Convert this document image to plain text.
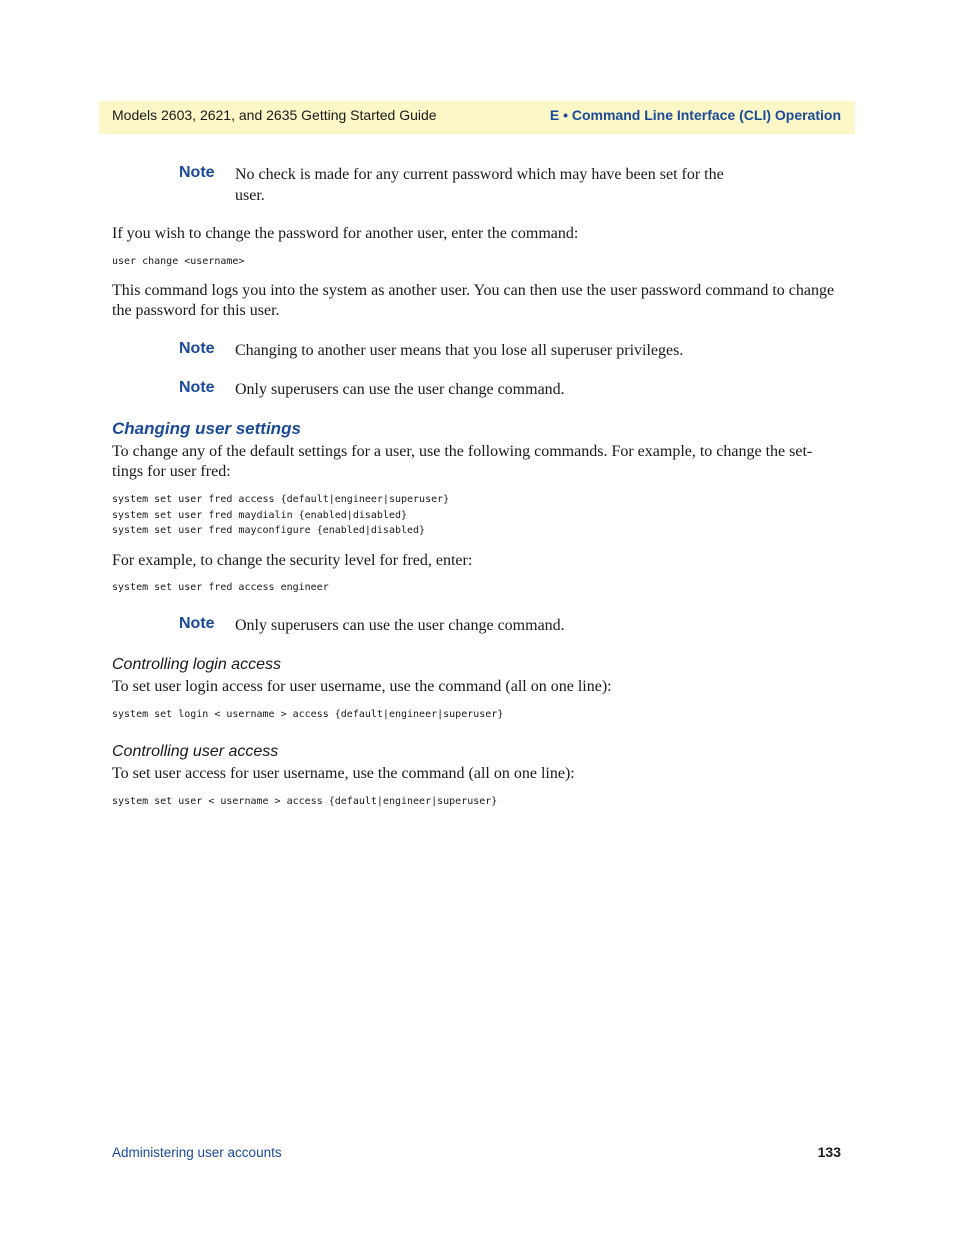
Models 2603, 2621, and 2635 Getting Started Guide	E • Command Line Interface (CLI) Operation
Note No check is made for any current password which may have been set for the user.
If you wish to change the password for another user, enter the command:
user change <username>
This command logs you into the system as another user. You can then use the user password command to change the password for this user.
Note Changing to another user means that you lose all superuser privileges.
Note Only superusers can use the user change command.
Changing user settings
To change any of the default settings for a user, use the following commands. For example, to change the set-tings for user fred:
system set user fred access {default|engineer|superuser}
system set user fred maydialin {enabled|disabled}
system set user fred mayconfigure {enabled|disabled}
For example, to change the security level for fred, enter:
system set user fred access engineer
Note Only superusers can use the user change command.
Controlling login access
To set user login access for user username, use the command (all on one line):
system set login < username > access {default|engineer|superuser}
Controlling user access
To set user access for user username, use the command (all on one line):
system set user < username > access {default|engineer|superuser}
Administering user accounts	133
